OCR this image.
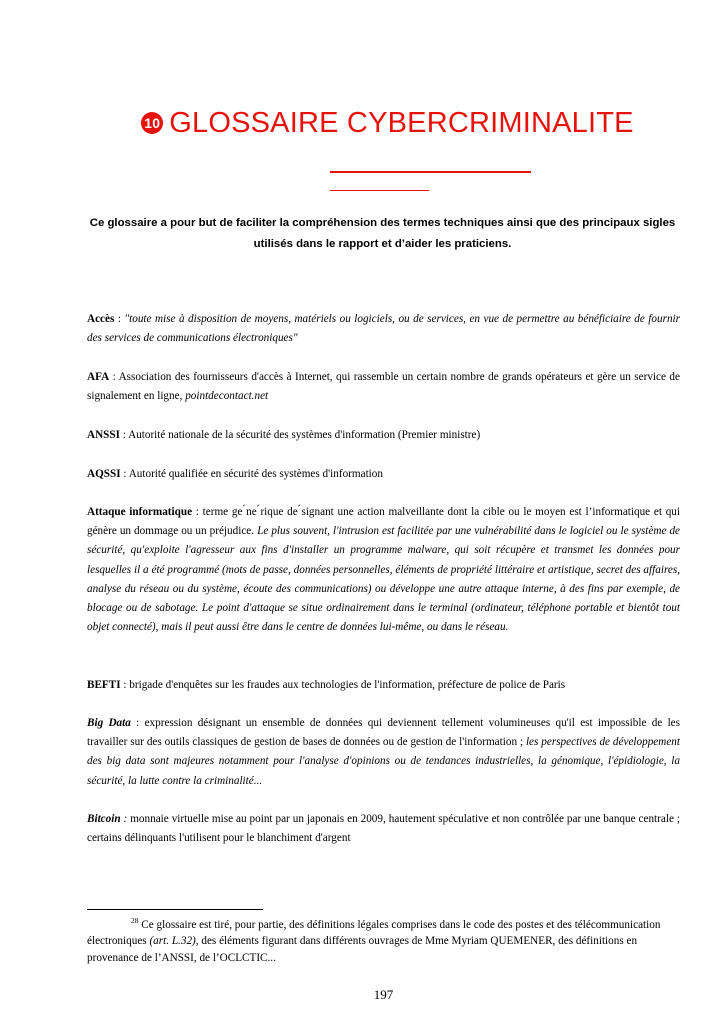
10 GLOSSAIRE CYBERCRIMINALITE
Ce glossaire a pour but de faciliter la compréhension des termes techniques ainsi que des principaux sigles utilisés dans le rapport et d’aider les praticiens.
Accès : "toute mise à disposition de moyens, matériels ou logiciels, ou de services, en vue de permettre au bénéficiaire de fournir des services de communications électroniques"
AFA : Association des fournisseurs d'accès à Internet, qui rassemble un certain nombre de grands opérateurs et gère un service de signalement en ligne, pointdecontact.net
ANSSI : Autorité nationale de la sécurité des systèmes d'information (Premier ministre)
AQSSI : Autorité qualifiée en sécurité des systèmes d'information
Attaque informatique : terme ge ́ne ́rique de ́signant une action malveillante dont la cible ou le moyen est l’informatique et qui génère un dommage ou un préjudice. Le plus souvent, l'intrusion est facilitée par une vulnérabilité dans le logiciel ou le système de sécurité, qu'exploite l'agresseur aux fins d'installer un programme malware, qui soit récupère et transmet les données pour lesquelles il a été programmé (mots de passe, données personnelles, éléments de propriété littéraire et artistique, secret des affaires, analyse du réseau ou du système, écoute des communications) ou développe une autre attaque interne, à des fins par exemple, de blocage ou de sabotage. Le point d'attaque se situe ordinairement dans le terminal (ordinateur, téléphone portable et bientôt tout objet connecté), mais il peut aussi être dans le centre de données lui-même, ou dans le réseau.
BEFTI : brigade d'enquêtes sur les fraudes aux technologies de l'information, préfecture de police de Paris
Big Data : expression désignant un ensemble de données qui deviennent tellement volumineuses qu'il est impossible de les travailler sur des outils classiques de gestion de bases de données ou de gestion de l'information ; les perspectives de développement des big data sont majeures notamment pour l'analyse d'opinions ou de tendances industrielles, la génomique, l'épidiologie, la sécurité, la lutte contre la criminalité...
Bitcoin : monnaie virtuelle mise au point par un japonais en 2009, hautement spéculative et non contrôlée par une banque centrale ; certains délinquants l'utilisent pour le blanchiment d'argent
$^{28}$ Ce glossaire est tiré, pour partie, des définitions légales comprises dans le code des postes et des télécommunication électroniques (art. L.32), des éléments figurant dans différents ouvrages de Mme Myriam QUEMENER, des définitions en provenance de l’ANSSI, de l’OCLCTIC...
197
